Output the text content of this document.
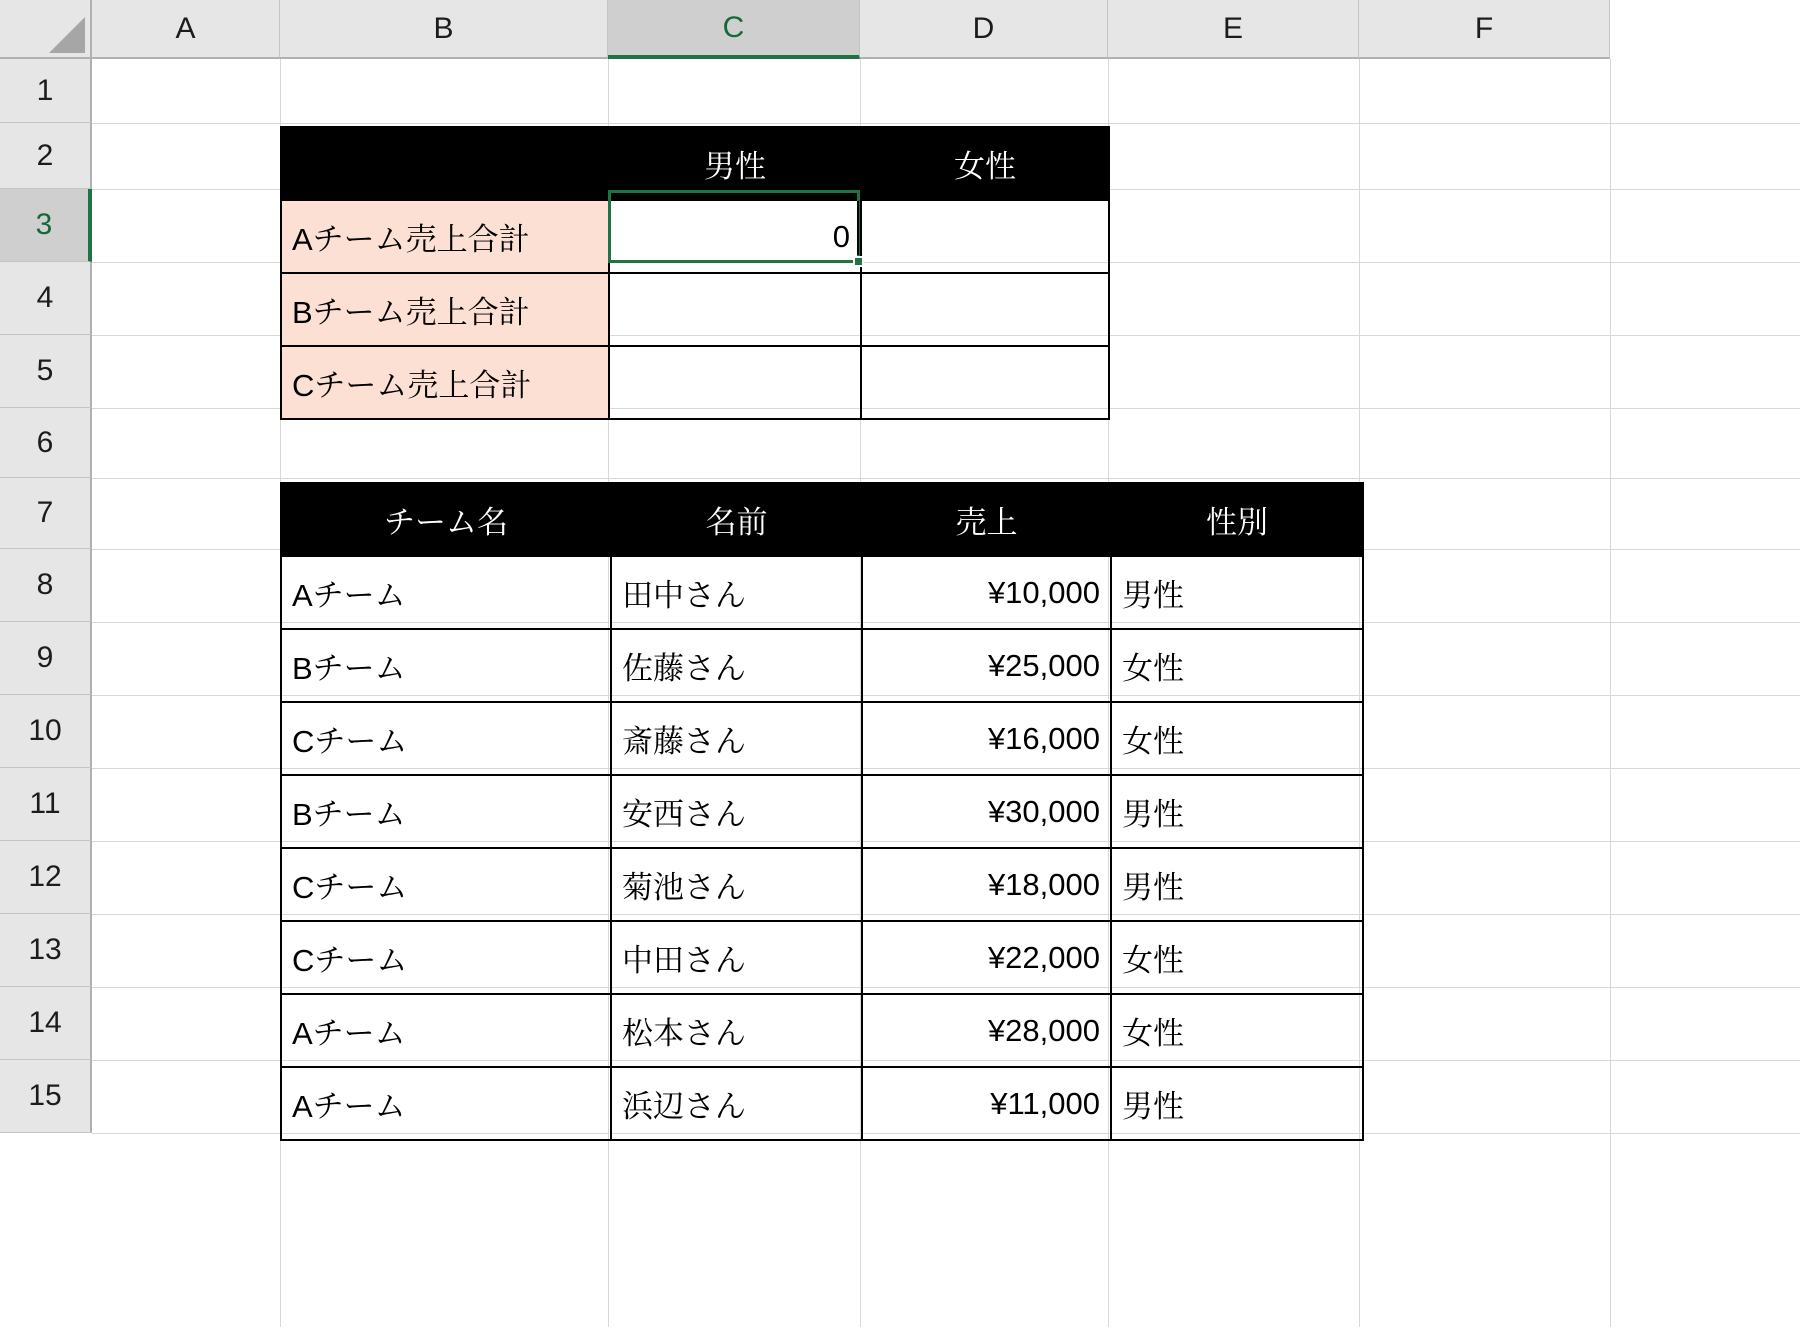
A	B	C	D	E	F
1
2
3
4
5
6
7
8
9
10
11
12
13
14
15
	男性	女性
Aチーム売上合計	0	
Bチーム売上合計		
Cチーム売上合計		
チーム名	名前	売上	性別
Aチーム	田中さん	¥10,000	男性
Bチーム	佐藤さん	¥25,000	女性
Cチーム	斎藤さん	¥16,000	女性
Bチーム	安西さん	¥30,000	男性
Cチーム	菊池さん	¥18,000	男性
Cチーム	中田さん	¥22,000	女性
Aチーム	松本さん	¥28,000	女性
Aチーム	浜辺さん	¥11,000	男性
